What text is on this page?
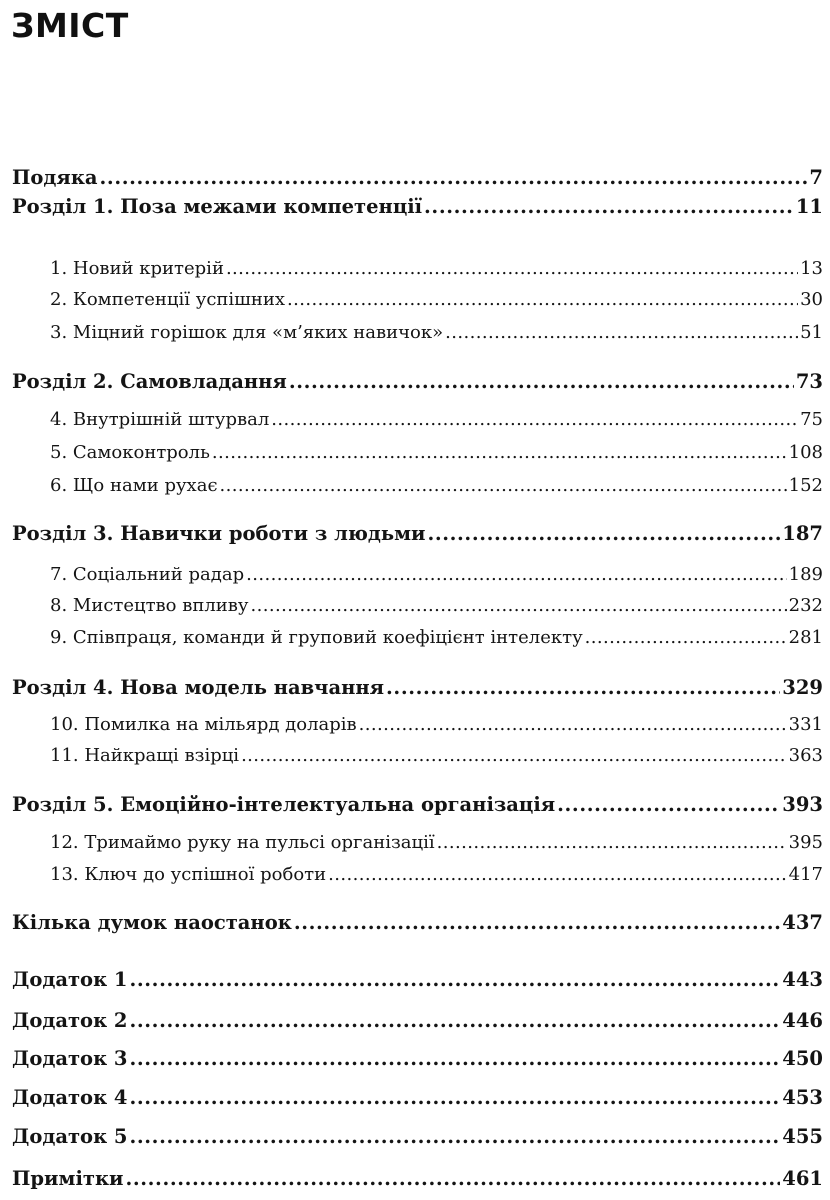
ЗМІСТ
Подяка .....	7
Розділ 1. Поза межами компетенції .....	11
1. Новий критерій .....	13
2. Компетенції успішних .....	30
3. Міцний горішок для «м’яких навичок» .....	51
Розділ 2. Самовладання .....	73
4. Внутрішній штурвал .....	75
5. Самоконтроль .....	108
6. Що нами рухає .....	152
Розділ 3. Навички роботи з людьми .....	187
7. Соціальний радар .....	189
8. Мистецтво впливу .....	232
9. Співпраця, команди й груповий коефіцієнт інтелекту .....	281
Розділ 4. Нова модель навчання .....	329
10. Помилка на мільярд доларів .....	331
11. Найкращі взірці .....	363
Розділ 5. Емоційно-інтелектуальна організація .....	393
12. Тримаймо руку на пульсі організації .....	395
13. Ключ до успішної роботи .....	417
Кілька думок наостанок .....	437
Додаток 1 .....	443
Додаток 2 .....	446
Додаток 3 .....	450
Додаток 4 .....	453
Додаток 5 .....	455
Примітки .....	461
